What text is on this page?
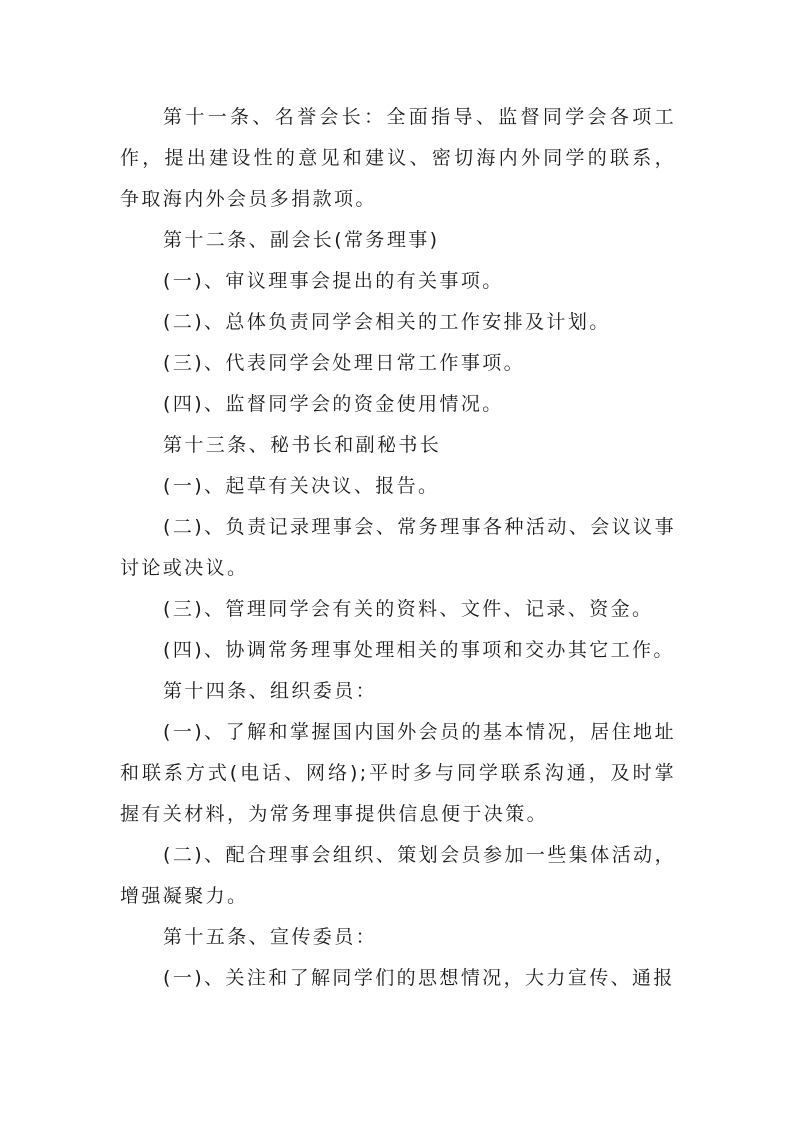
第十一条、名誉会长：全面指导、监督同学会各项工作，提出建设性的意见和建议、密切海内外同学的联系，争取海内外会员多捐款项。

第十二条、副会长(常务理事)

(一)、审议理事会提出的有关事项。

(二)、总体负责同学会相关的工作安排及计划。

(三)、代表同学会处理日常工作事项。

(四)、监督同学会的资金使用情况。

第十三条、秘书长和副秘书长

(一)、起草有关决议、报告。

(二)、负责记录理事会、常务理事各种活动、会议议事讨论或决议。

(三)、管理同学会有关的资料、文件、记录、资金。

(四)、协调常务理事处理相关的事项和交办其它工作。

第十四条、组织委员：

(一)、了解和掌握国内国外会员的基本情况，居住地址和联系方式(电话、网络);平时多与同学联系沟通，及时掌握有关材料，为常务理事提供信息便于决策。

(二)、配合理事会组织、策划会员参加一些集体活动，增强凝聚力。

第十五条、宣传委员：

(一)、关注和了解同学们的思想情况，大力宣传、通报
